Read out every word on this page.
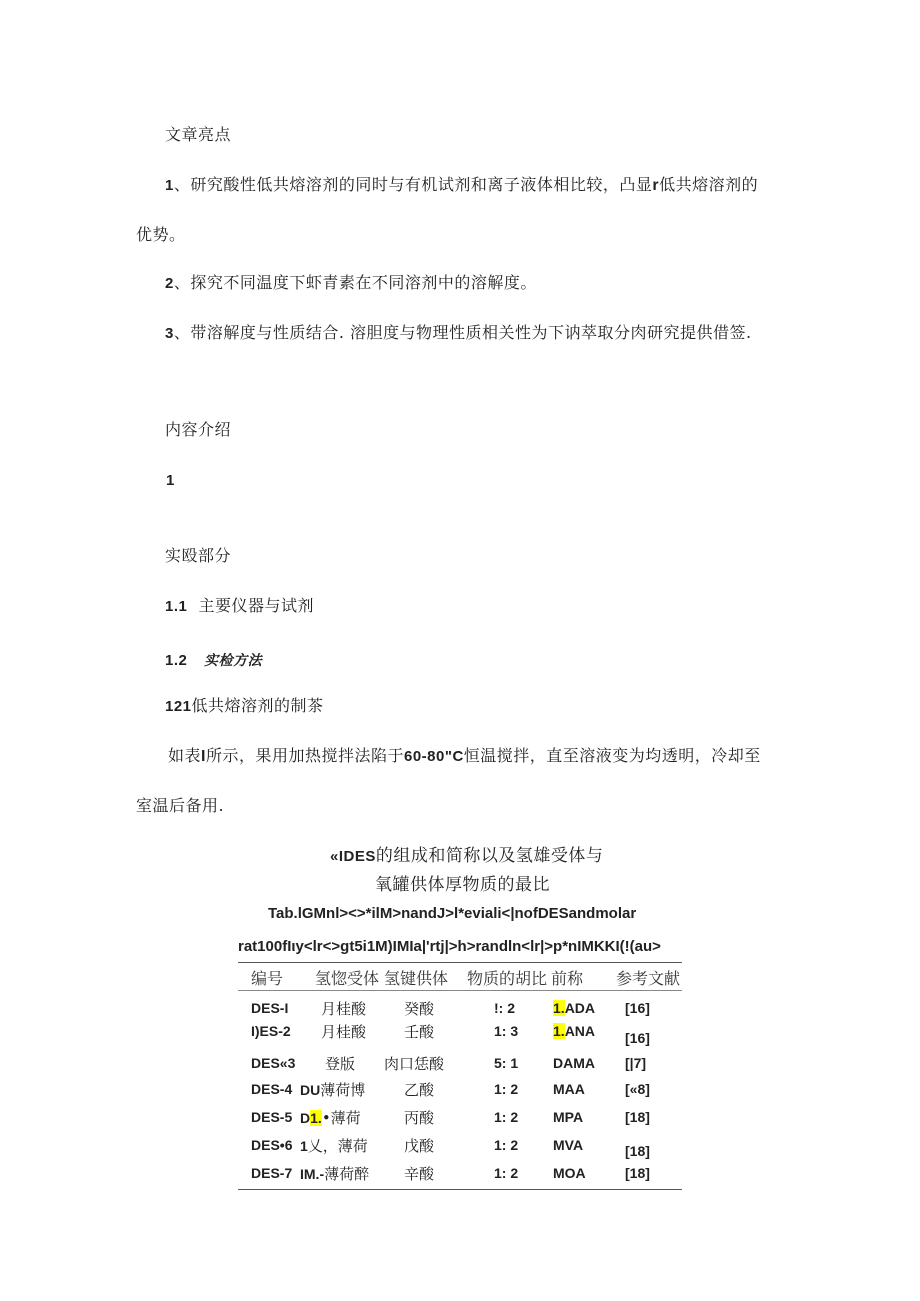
文章亮点
1、研究酸性低共熔溶剂的同时与有机试剂和离子液体相比较，凸显r低共熔溶剂的
优势。
2、探究不同温度下虾青素在不同溶剂中的溶解度。
3、带溶解度与性质结合. 溶胆度与物理性质相关性为下讷萃取分肉研究提供借签.
内容介绍
1
实殴部分
1.1 主要仪器与试剂
1.2 实检方法
121低共熔溶剂的制茶
如表I所示，果用加热搅拌法陷于60-80"C恒温搅拌，直至溶液变为均透明，冷却至
室温后备用.
«IDES的组成和简称以及氢雄受体与
氧罐供体厚物质的最比
Tab.lGMnl><>*ilM>nandJ>l*eviali<|nofDESandmolar
rat100fIιy<lr<>gt5i1M)IMIa|'rtj|>h>randln<lr|>p*nIMKKI(!(au>
编号 氢惚受体 氢键供体 物质的胡比 前称 参考文献
DES-I 月桂酸	癸酸	!: 2	1.ADA [16]
I)ES-2 月桂酸	壬酸	1: 3 1.ANA [16]
DES«3 登版 肉口恁酸	5: 1 DAMA [|7]
DES-4 DU薄荷博	乙酸	1: 2 MAA	[«8]
DES-5 D1.•薄荷	丙酸	1: 2 MPA	[18]
DES•6 1乂，薄荷 戊酸	1: 2 MVA	[18]
DES-7 IM.-薄荷醉 辛酸	1: 2 MOA	[18]
